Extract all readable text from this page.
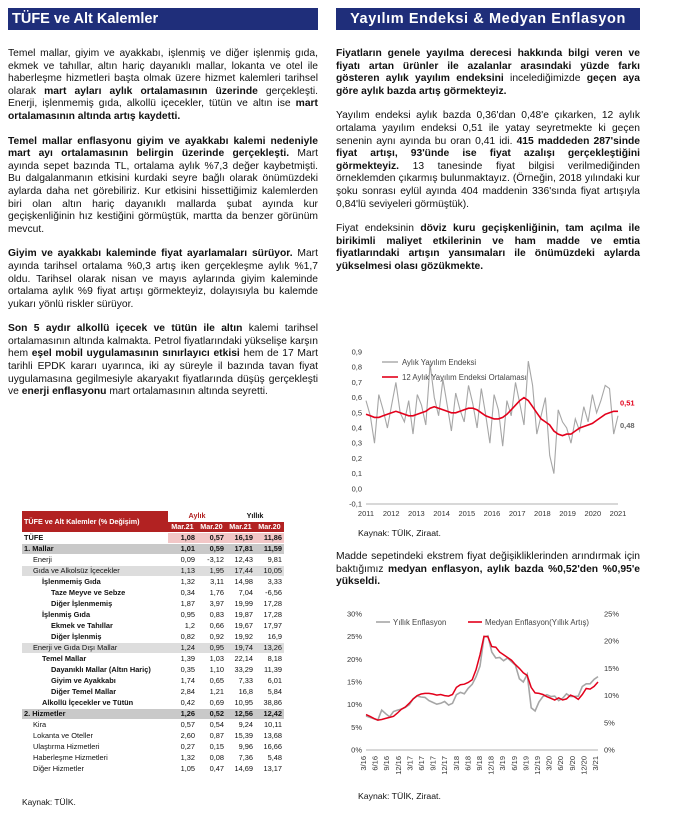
TÜFE ve Alt Kalemler

Temel mallar, giyim ve ayakkabı, işlenmiş ve diğer işlenmiş gıda, ekmek ve tahıllar, altın hariç dayanıklı mallar, lokanta ve otel ile haberleşme hizmetleri başta olmak üzere hizmet kalemleri tarihsel olarak mart ayları aylık ortalamasının üzerinde gerçekleşti. Enerji, işlenmemiş gıda, alkollü içecekler, tütün ve altın ise mart ortalamasının altında artış kaydetti.

Temel mallar enflasyonu giyim ve ayakkabı kalemi nedeniyle mart ayı ortalamasının belirgin üzerinde gerçekleşti. Mart ayında sepet bazında TL, ortalama aylık %7,3 değer kaybetmişti. Bu dalgalanmanın etkisini kurdaki seyre bağlı olarak önümüzdeki aylarda daha net görebiliriz. Kur etkisini hissettiğimiz kalemlerden biri olan altın hariç dayanıklı mallarda şubat ayında kur geçişkenliğinin hız kestiğini görmüştük, martta da benzer görünüm mevcut.

Giyim ve ayakkabı kaleminde fiyat ayarlamaları sürüyor. Mart ayında tarihsel ortalama %0,3 artış iken gerçekleşme aylık %1,7 oldu. Tarihsel olarak nisan ve mayıs aylarında giyim kaleminde ortalama aylık %9 fiyat artışı görmekteyiz, dolayısıyla bu kalemde yukarı yönlü riskler sürüyor.

Son 5 aydır alkollü içecek ve tütün ile altın kalemi tarihsel ortalamasının altında kalmakta. Petrol fiyatlarındaki yükselişe karşın hem eşel mobil uygulamasının sınırlayıcı etkisi hem de 17 Mart tarihli EPDK kararı uyarınca, iki ay süreyle il bazında tavan fiyat uygulamasına gegilmesiyle akaryakıt fiyatlarında düşüş gerçekleşti ve enerji enflasyonu mart ortalamasının altında seyretti.

TÜFE ve Alt Kalemler (% Değişim)	Aylık		Yıllık	
	Mar.21	Mar.20	Mar.21	Mar.20
TÜFE	1,08	0,57	16,19	11,86
1. Mallar	1,01	0,59	17,81	11,59
Enerji	0,09	-3,12	12,43	9,81
Gıda ve Alkolsüz İçecekler	1,13	1,95	17,44	10,05
İşlenmemiş Gıda	1,32	3,11	14,98	3,33
Taze Meyve ve Sebze	0,34	1,76	7,04	-6,56
Diğer İşlenmemiş	1,87	3,97	19,99	17,28
İşlenmiş Gıda	0,95	0,83	19,87	17,28
Ekmek ve Tahıllar	1,2	0,66	19,67	17,97
Diğer İşlenmiş	0,82	0,92	19,92	16,9
Enerji ve Gıda Dışı Mallar	1,24	0,95	19,74	13,26
Temel Mallar	1,39	1,03	22,14	8,18
Dayanıklı Mallar (Altın Hariç)	0,35	1,10	33,29	11,39
Giyim ve Ayakkabı	1,74	0,65	7,33	6,01
Diğer Temel Mallar	2,84	1,21	16,8	5,84
Alkollü İçecekler ve Tütün	0,42	0,69	10,95	38,86
2. Hizmetler	1,26	0,52	12,56	12,42
Kira	0,57	0,54	9,24	10,11
Lokanta ve Oteller	2,60	0,87	15,39	13,68
Ulaştırma Hizmetleri	0,27	0,15	9,96	16,66
Haberleşme Hizmetleri	1,32	0,08	7,36	5,48
Diğer Hizmetler	1,05	0,47	14,69	13,17
Kaynak: TÜİK.
Yayılım Endeksi & Medyan Enflasyon

Fiyatların genele yayılma derecesi hakkında bilgi veren ve fiyatı artan ürünler ile azalanlar arasındaki yüzde farkı gösteren aylık yayılım endeksini incelediğimizde geçen aya göre aylık bazda artış görmekteyiz.

Yayılım endeksi aylık bazda 0,36'dan 0,48'e çıkarken, 12 aylık ortalama yayılım endeksi 0,51 ile yatay seyretmekte ki geçen senenin aynı ayında bu oran 0,41 idi. 415 maddeden 287'sinde fiyat artışı, 93'ünde ise fiyat azalışı gerçekleştiğini görmekteyiz. 13 tanesinde fiyat bilgisi verilmediğinden örneklemden çıkarmış bulunmaktayız. (Örneğin, 2018 yılındaki kur şoku sonrası eylül ayında 404 maddenin 336'sında fiyat artışıyla 0,84'lü seviyeleri görmüştük).

Fiyat endeksinin döviz kuru geçişkenliğinin, tam açılma ile birikimli maliyet etkilerinin ve ham madde ve emtia fiyatlarındaki artışın yansımaları ile önümüzdeki aylarda yükselmesi olası gözükmekte.

-0,1
0,0
0,1
0,2
0,3
0,4
0,5
0,6
0,7
0,8
0,9
2011 2012 2013 2014 2015 2016 2017 2018 2019 2020 2021
Aylık Yayılım Endeksi
12 Aylık Yayılım Endeksi Ortalaması
0,51
0,48
Kaynak: TÜİK, Ziraat.

Madde sepetindeki ekstrem fiyat değişikliklerinden arındırmak için baktığımız medyan enflasyon, aylık bazda %0,52'den %0,95'e yükseldi.

0%
5%
10%
15%
20%
25%
30%
0%
5%
10%
15%
20%
25%
3/16 6/16 9/16 12/16 3/17 6/17 9/17 12/17 3/18 6/18 9/18 12/18 3/19 6/19 9/19 12/19 3/20 6/20 9/20 12/20 3/21
Yıllık Enflasyon	Medyan Enflasyon(Yıllık Artış)
Kaynak: TÜİK, Ziraat.
